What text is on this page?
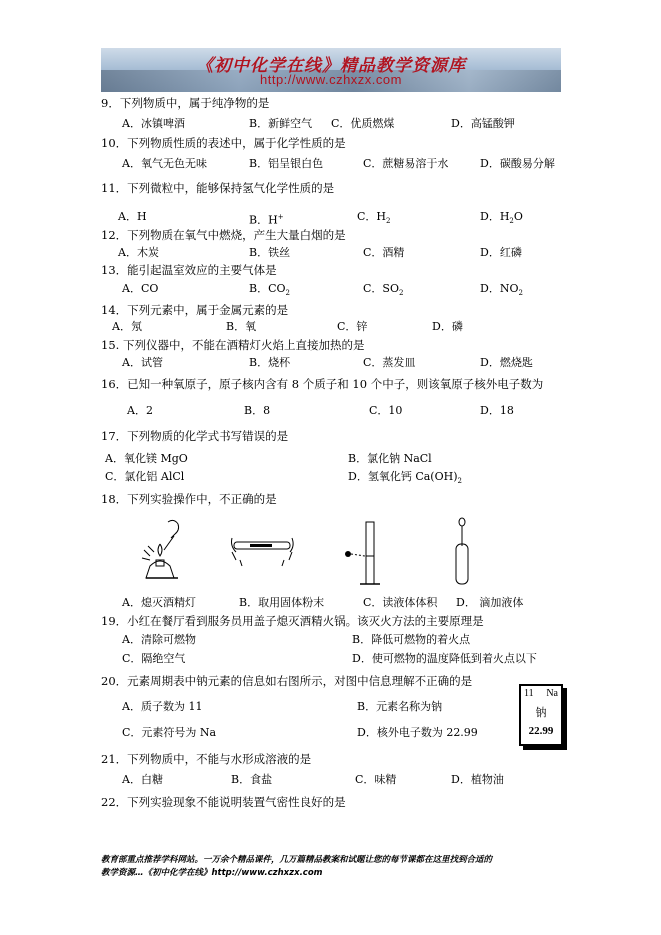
《初中化学在线》精品教学资源库
http://www.czhxzx.com
9．下列物质中，属于纯净物的是
A．冰镇啤酒	B．新鲜空气 C．优质燃煤	D．高锰酸钾
10．下列物质性质的表述中，属于化学性质的是
A．氧气无色无味	B．铝呈银白色	C．蔗糖易溶于水	D．碳酸易分解
11．下列微粒中，能够保持氢气化学性质的是
A．H	B．H+	C．$H_2$	D．$H_2O$
12．下列物质在氧气中燃烧，产生大量白烟的是
A．木炭	B．铁丝	C．酒精	D．红磷
13．能引起温室效应的主要气体是
A．CO	B．$CO_2$	C．$SO_2$	D．$NO_2$
14．下列元素中，属于金属元素的是
A．氖	B．氧	C．锌	D．磷
15. 下列仪器中，不能在酒精灯火焰上直接加热的是
A．试管	B．烧杯	C．蒸发皿	D．燃烧匙
16．已知一种氧原子，原子核内含有 8 个质子和 10 个中子，则该氧原子核外电子数为
A．2	B．8	C．10	D．18
17．下列物质的化学式书写错误的是
A．氧化镁 MgO	B．氯化钠 NaCl
C．氯化铝 AlCl	D．氢氧化钙 $Ca(OH)_2$
18．下列实验操作中，不正确的是
A．熄灭酒精灯	B．取用固体粉末	C．读液体体积 D． 滴加液体
19．小红在餐厅看到服务员用盖子熄灭酒精火锅。该灭火方法的主要原理是
A．清除可燃物	B．降低可燃物的着火点
C．隔绝空气	D．使可燃物的温度降低到着火点以下
20．元素周期表中钠元素的信息如右图所示，对图中信息理解不正确的是
A．质子数为 11	B．元素名称为钠
C．元素符号为 Na	D．核外电子数为 22.99
11 Na
钠
22.99
21．下列物质中，不能与水形成溶液的是
A．白糖	B．食盐	C．味精	D．植物油
22．下列实验现象不能说明装置气密性良好的是
教育部重点推荐学科网站。一万余个精品课件，几万篇精品教案和试题让您的每节课都在这里找到合适的
教学资源…《初中化学在线》http://www.czhxzx.com
